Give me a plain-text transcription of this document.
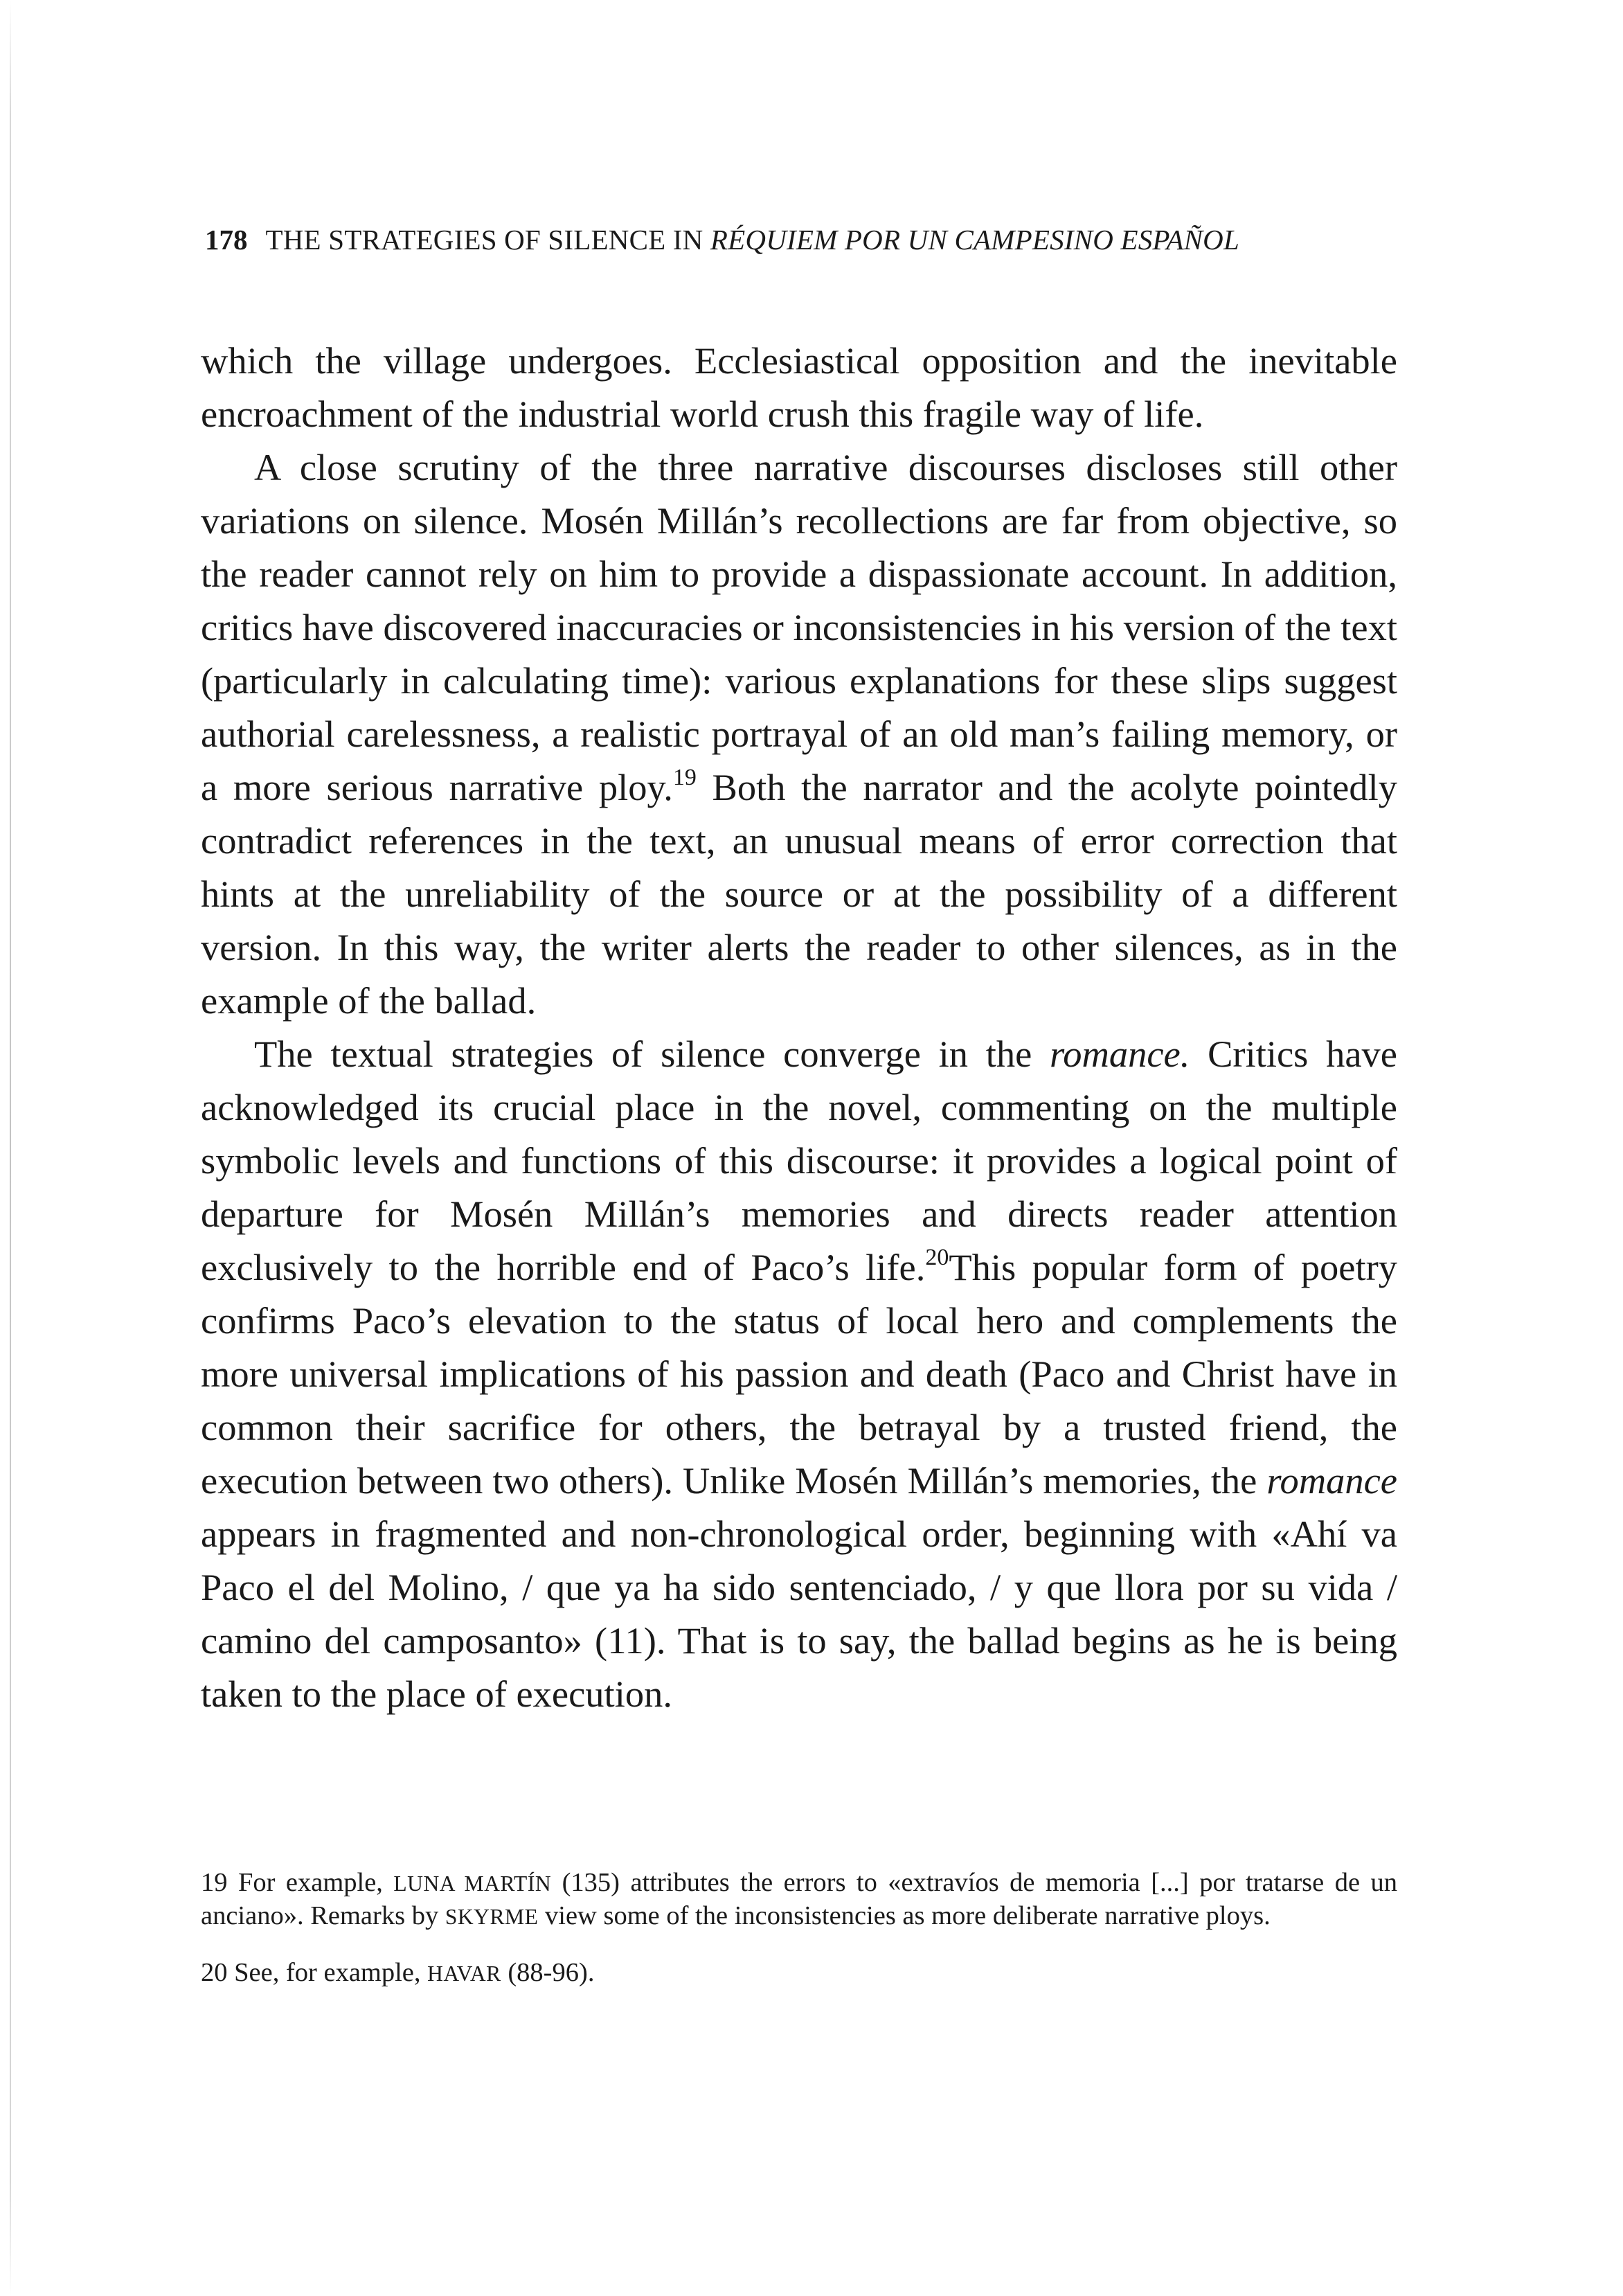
178 THE STRATEGIES OF SILENCE IN RÉQUIEM POR UN CAMPESINO ESPAÑOL

which the village undergoes. Ecclesiastical opposition and the inevitable encroachment of the industrial world crush this fragile way of life.

A close scrutiny of the three narrative discourses discloses still other variations on silence. Mosén Millán’s recollections are far from objective, so the reader cannot rely on him to provide a dispassionate account. In addition, critics have discovered inaccuracies or inconsistencies in his version of the text (particularly in calculating time): various explanations for these slips suggest authorial carelessness, a realistic portrayal of an old man’s failing memory, or a more serious narrative ploy.$^{19}$ Both the narrator and the acolyte pointedly contradict references in the text, an unusual means of error correction that hints at the unreliability of the source or at the possibility of a different version. In this way, the writer alerts the reader to other silences, as in the example of the ballad.

The textual strategies of silence converge in the romance. Critics have acknowledged its crucial place in the novel, commenting on the multiple symbolic levels and functions of this discourse: it provides a logical point of departure for Mosén Millán’s memories and directs reader attention exclusively to the horrible end of Paco’s life.$^{20}$This popular form of poetry confirms Paco’s elevation to the status of local hero and complements the more universal implications of his passion and death (Paco and Christ have in common their sacrifice for others, the betrayal by a trusted friend, the execution between two others). Unlike Mosén Millán’s memories, the romance appears in fragmented and non-chronological order, beginning with «Ahí va Paco el del Molino, / que ya ha sido sentenciado, / y que llora por su vida / camino del camposanto» (11). That is to say, the ballad begins as he is being taken to the place of execution.

19 For example, LUNA MARTÍN (135) attributes the errors to «extravíos de memoria [...] por tratarse de un anciano». Remarks by SKYRME view some of the inconsistencies as more deliberate narrative ploys.

20 See, for example, HAVAR (88-96).
